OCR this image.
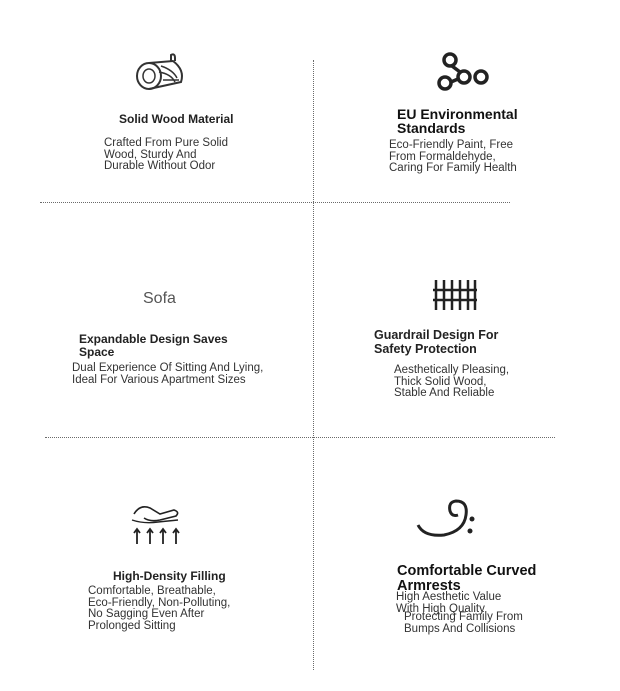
Solid Wood Material
Crafted From Pure Solid Wood, Sturdy And Durable Without Odor
EU Environmental Standards
Eco-Friendly Paint, Free From Formaldehyde, Caring For Family Health
Sofa
Expandable Design Saves Space
Dual Experience Of Sitting And Lying, Ideal For Various Apartment Sizes
Guardrail Design For Safety Protection
Aesthetically Pleasing, Thick Solid Wood, Stable And Reliable
High-Density Filling
Comfortable, Breathable, Eco-Friendly, Non-Polluting, No Sagging Even After Prolonged Sitting
Comfortable Curved Armrests
High Aesthetic Value With High Quality
Protecting Family From Bumps And Collisions
